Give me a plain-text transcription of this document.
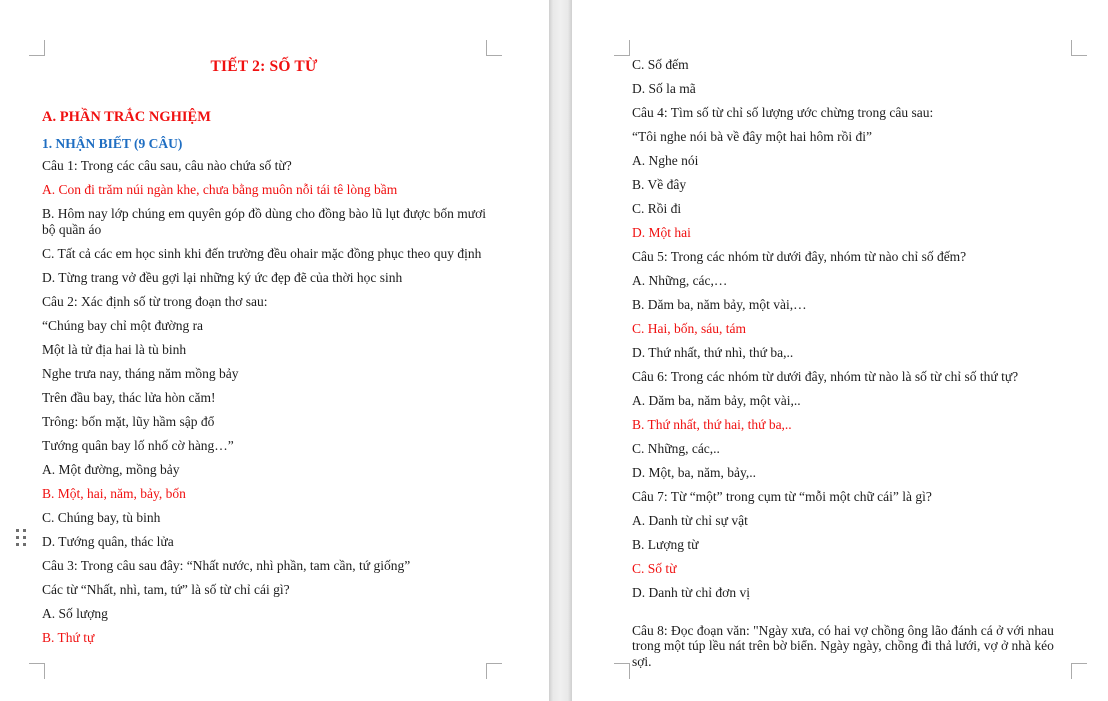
TIẾT 2: SỐ TỪ
A. PHẦN TRẮC NGHIỆM
1. NHẬN BIẾT (9 CÂU)

Câu 1: Trong các câu sau, câu nào chứa số từ?

A. Con đi trăm núi ngàn khe, chưa bằng muôn nỗi tái tê lòng bầm

B. Hôm nay lớp chúng em quyên góp đồ dùng cho đồng bào lũ lụt được bốn mươi bộ quần áo

C. Tất cả các em học sinh khi đến trường đều ohair mặc đồng phục theo quy định

D. Từng trang vở đều gợi lại những ký ức đẹp đẽ của thời học sinh

Câu 2: Xác định số từ trong đoạn thơ sau:

“Chúng bay chỉ một đường ra

Một là tử địa hai là tù binh

Nghe trưa nay, tháng năm mồng bảy

Trên đầu bay, thác lửa hòn căm!

Trông: bốn mặt, lũy hầm sập đổ

Tướng quân bay lố nhố cờ hàng…”

A. Một đường, mồng bảy

B. Một, hai, năm, bảy, bốn

C. Chúng bay, tù binh

D. Tướng quân, thác lửa

Câu 3: Trong câu sau đây: “Nhất nước, nhì phần, tam cần, tứ giống”

Các từ “Nhất, nhì, tam, tứ” là số từ chỉ cái gì?

A. Số lượng

B. Thứ tự

C. Số đếm

D. Số la mã

Câu 4: Tìm số từ chỉ số lượng ước chừng trong câu sau:

“Tôi nghe nói bà về đây một hai hôm rồi đi”

A. Nghe nói

B. Về đây

C. Rồi đi

D. Một hai

Câu 5: Trong các nhóm từ dưới đây, nhóm từ nào chỉ số đếm?

A. Những, các,…

B. Dăm ba, năm bảy, một vài,…

C. Hai, bốn, sáu, tám

D. Thứ nhất, thứ nhì, thứ ba,..

Câu 6: Trong các nhóm từ dưới đây, nhóm từ nào là số từ chỉ số thứ tự?

A. Dăm ba, năm bảy, một vài,..

B. Thứ nhất, thứ hai, thứ ba,..

C. Những, các,..

D. Một, ba, năm, bảy,..

Câu 7: Từ “một” trong cụm từ “mỗi một chữ cái” là gì?

A. Danh từ chỉ sự vật

B. Lượng từ

C. Số từ

D. Danh từ chỉ đơn vị

Câu 8: Đọc đoạn văn: "Ngày xưa, có hai vợ chồng ông lão đánh cá ở với nhau trong một túp lều nát trên bờ biển. Ngày ngày, chồng đi thả lưới, vợ ở nhà kéo sợi.
